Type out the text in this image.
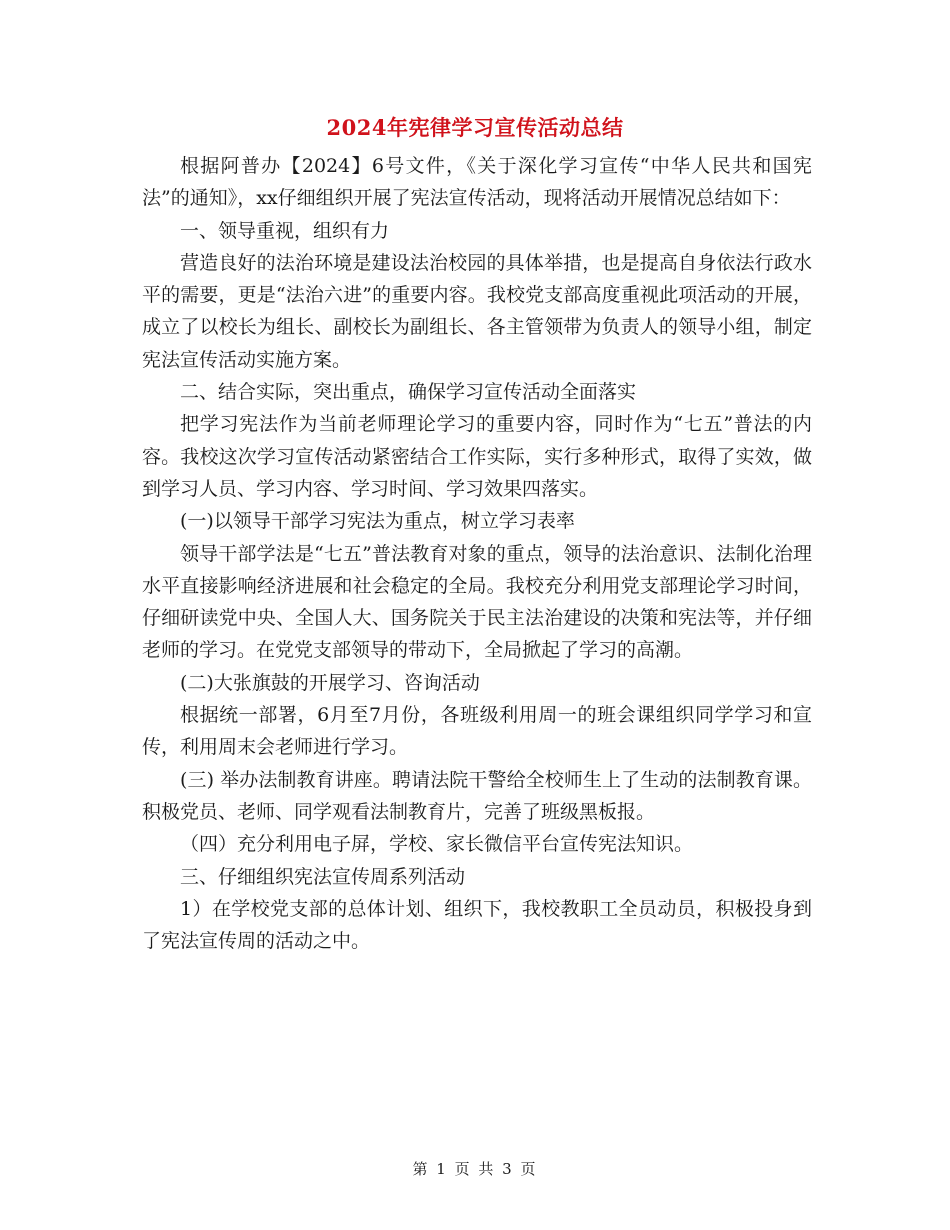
2024年宪律学习宣传活动总结

根据阿普办【2024】6号文件，《关于深化学习宣传“中华人民共和国宪法”的通知》，xx仔细组织开展了宪法宣传活动，现将活动开展情况总结如下：

一、领导重视，组织有力

营造良好的法治环境是建设法治校园的具体举措，也是提高自身依法行政水平的需要，更是“法治六进”的重要内容。我校党支部高度重视此项活动的开展，成立了以校长为组长、副校长为副组长、各主管领带为负责人的领导小组，制定宪法宣传活动实施方案。

二、结合实际，突出重点，确保学习宣传活动全面落实

把学习宪法作为当前老师理论学习的重要内容，同时作为“七五”普法的内容。我校这次学习宣传活动紧密结合工作实际，实行多种形式，取得了实效，做到学习人员、学习内容、学习时间、学习效果四落实。

(一)以领导干部学习宪法为重点，树立学习表率

领导干部学法是“七五”普法教育对象的重点，领导的法治意识、法制化治理水平直接影响经济进展和社会稳定的全局。我校充分利用党支部理论学习时间，仔细研读党中央、全国人大、国务院关于民主法治建设的决策和宪法等，并仔细老师的学习。在党党支部领导的带动下，全局掀起了学习的高潮。

(二)大张旗鼓的开展学习、咨询活动

根据统一部署，6月至7月份，各班级利用周一的班会课组织同学学习和宣传，利用周末会老师进行学习。

(三) 举办法制教育讲座。聘请法院干警给全校师生上了生动的法制教育课。积极党员、老师、同学观看法制教育片，完善了班级黑板报。

（四）充分利用电子屏，学校、家长微信平台宣传宪法知识。

三、仔细组织宪法宣传周系列活动

1）在学校党支部的总体计划、组织下，我校教职工全员动员，积极投身到了宪法宣传周的活动之中。

第 1 页 共 3 页
